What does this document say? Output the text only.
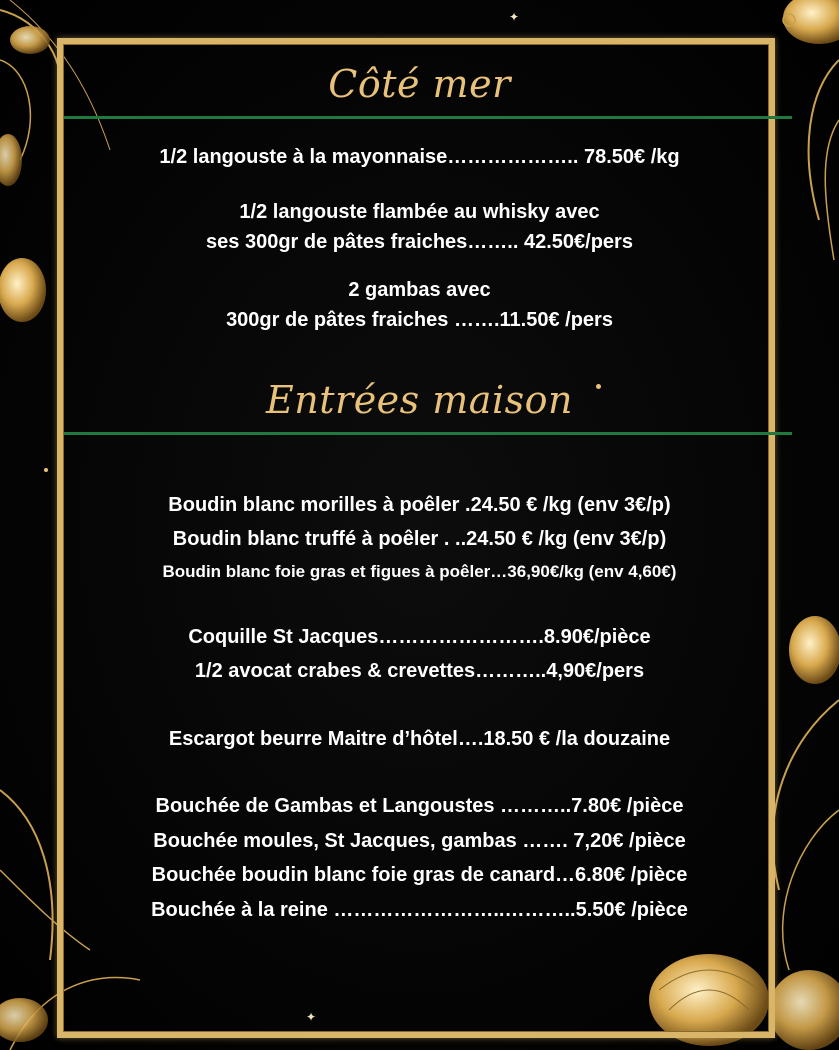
✦
✦
Côté mer
1/2 langouste à la mayonnaise……………….. 78.50€ /kg
1/2 langouste flambée au whisky avec
ses 300gr de pâtes fraiches…….. 42.50€/pers
2 gambas avec
300gr de pâtes fraiches …….11.50€ /pers
Entrées maison
Boudin blanc morilles à poêler .24.50 € /kg (env 3€/p)
Boudin blanc truffé à poêler . ..24.50 € /kg (env 3€/p)
Boudin blanc foie gras et figues à poêler…36,90€/kg (env 4,60€)
Coquille St Jacques…………………….8.90€/pièce
1/2 avocat crabes & crevettes………..4,90€/pers
Escargot beurre Maitre d’hôtel….18.50 € /la douzaine
Bouchée de Gambas et Langoustes ………..7.80€ /pièce
Bouchée moules, St Jacques, gambas ……. 7,20€ /pièce
Bouchée boudin blanc foie gras de canard…6.80€ /pièce
Bouchée à la reine ……………………..………..5.50€ /pièce
